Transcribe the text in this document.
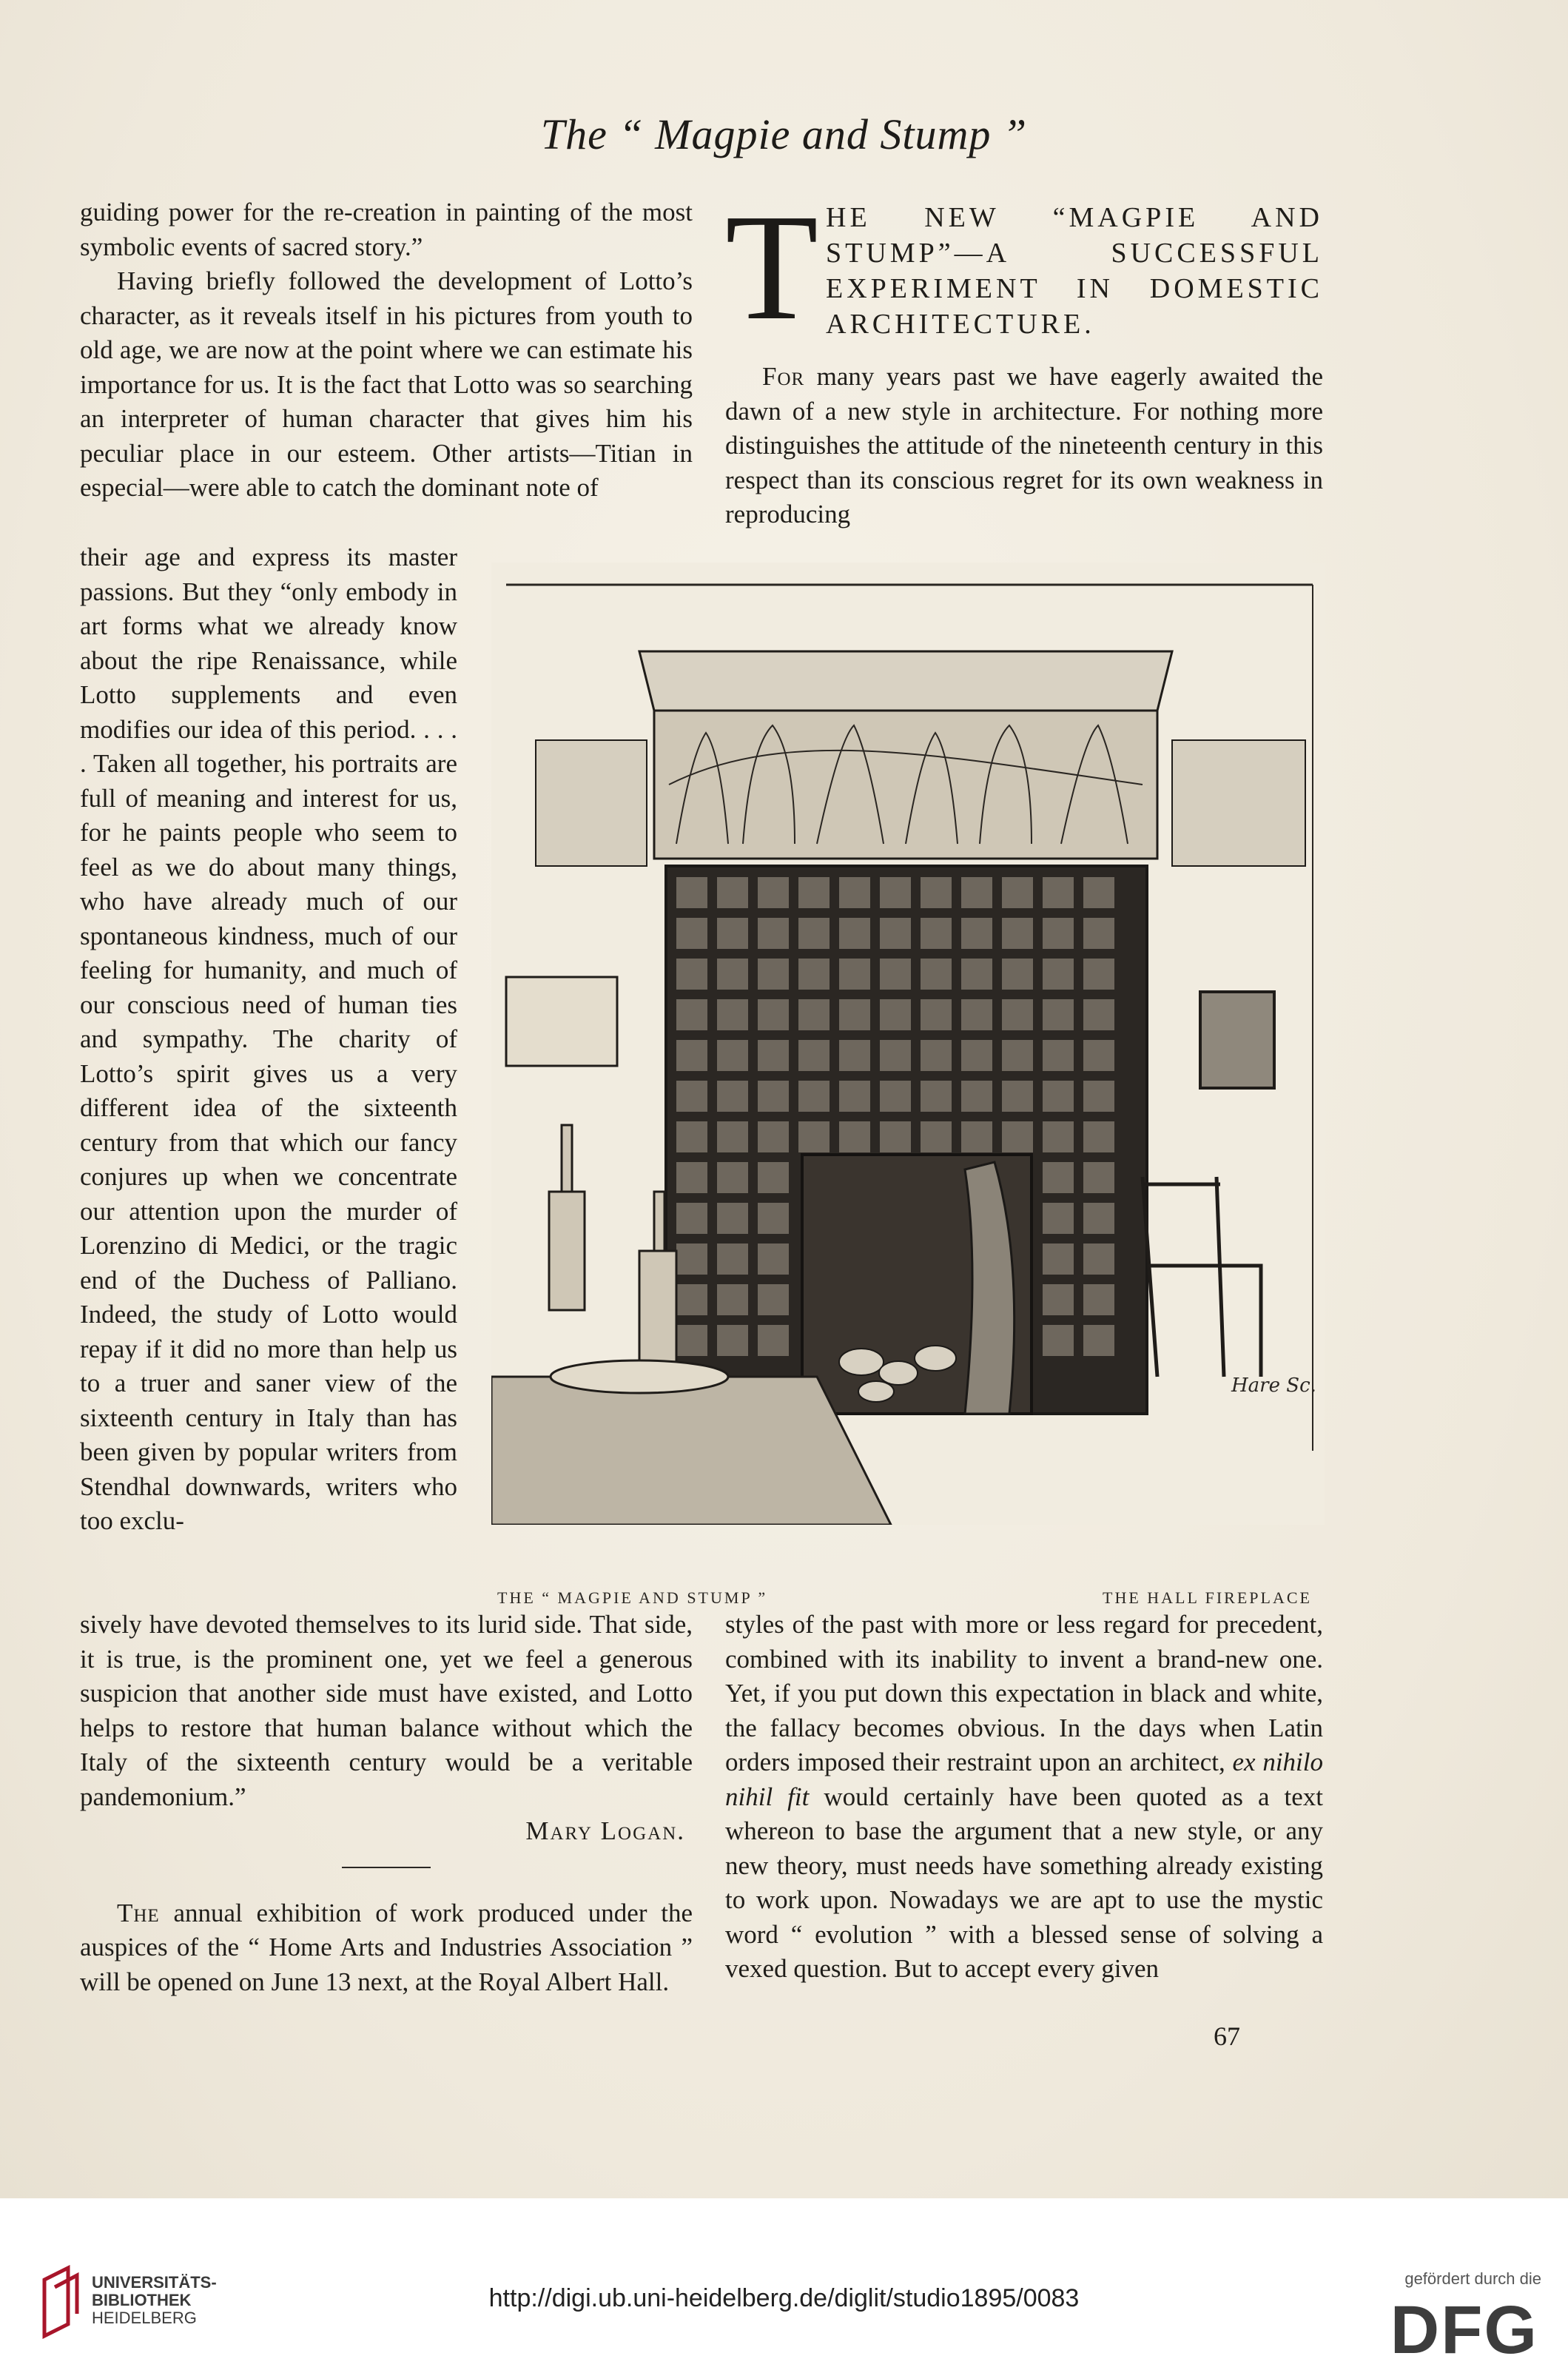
The “ Magpie and Stump ”

guiding power for the re-creation in painting of the most symbolic events of sacred story.”

Having briefly followed the development of Lotto’s character, as it reveals itself in his pictures from youth to old age, we are now at the point where we can estimate his importance for us. It is the fact that Lotto was so searching an interpreter of human character that gives him his peculiar place in our esteem. Other artists—Titian in especial—were able to catch the dominant note of

their age and express its master passions. But they “only embody in art forms what we already know about the ripe Renaissance, while Lotto supplements and even modifies our idea of this period. . . . . Taken all together, his portraits are full of meaning and interest for us, for he paints people who seem to feel as we do about many things, who have already much of our spontaneous kindness, much of our feeling for humanity, and much of our conscious need of human ties and sympathy. The charity of Lotto’s spirit gives us a very different idea of the sixteenth century from that which our fancy conjures up when we concentrate our attention upon the murder of Lorenzino di Medici, or the tragic end of the Duchess of Palliano. Indeed, the study of Lotto would repay if it did no more than help us to a truer and saner view of the sixteenth century in Italy than has been given by popular writers from Stendhal downwards, writers who too exclu-

sively have devoted themselves to its lurid side. That side, it is true, is the prominent one, yet we feel a generous suspicion that another side must have existed, and Lotto helps to restore that human balance without which the Italy of the sixteenth century would be a veritable pandemonium.”

Mary Logan.

The annual exhibition of work produced under the auspices of the “ Home Arts and Industries Association ” will be opened on June 13 next, at the Royal Albert Hall.

T HE NEW “MAGPIE AND STUMP”—A SUCCESSFUL EXPERIMENT IN DOMESTIC ARCHITECTURE.

For many years past we have eagerly awaited the dawn of a new style in architecture. For nothing more distinguishes the attitude of the nineteenth century in this respect than its conscious regret for its own weakness in reproducing

Hare Sc.
THE “ MAGPIE AND STUMP ”	THE HALL FIREPLACE

styles of the past with more or less regard for precedent, combined with its inability to invent a brand-new one. Yet, if you put down this expectation in black and white, the fallacy becomes obvious. In the days when Latin orders imposed their restraint upon an architect, ex nihilo nihil fit would certainly have been quoted as a text whereon to base the argument that a new style, or any new theory, must needs have something already existing to work upon. Nowadays we are apt to use the mystic word “ evolution ” with a blessed sense of solving a vexed question. But to accept every given

67
UNIVERSITÄTS-
BIBLIOTHEK
HEIDELBERG
http://digi.ub.uni-heidelberg.de/diglit/studio1895/0083
gefördert durch die
DFG
